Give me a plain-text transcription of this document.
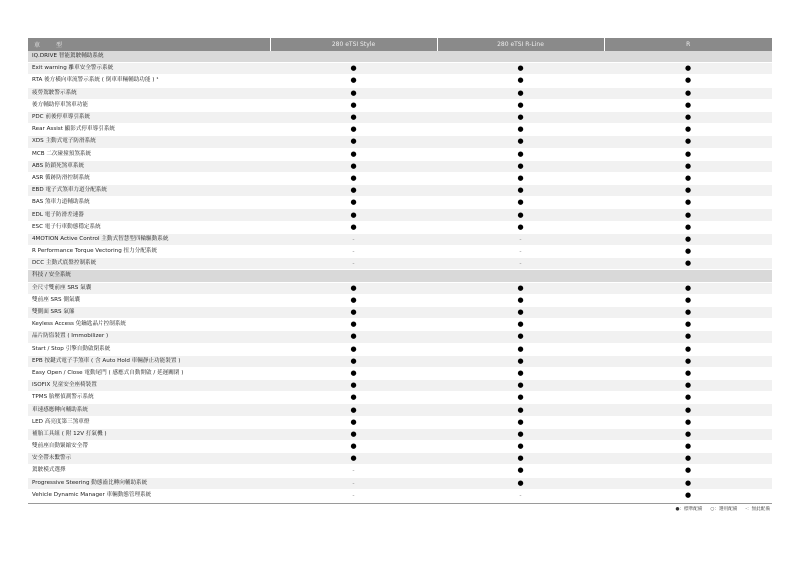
車　型	280 eTSI Style	280 eTSI R-Line	R
IQ.DRIVE 智能駕駛輔助系統			
Exit warning 離車安全警示系統	●	●	●
RTA 後方橫向車流警示系統 ( 倒車車輛輔助功能 ) ¹	●	●	●
疲勞駕駛警示系統	●	●	●
後方輔助停車煞車功能	●	●	●
PDC 前後停車導引系統	●	●	●
Rear Assist 顯影式停車導引系統	●	●	●
XDS 主動式電子防滑系統	●	●	●
MCB 二次碰撞預煞系統	●	●	●
ABS 防鎖死煞車系統	●	●	●
ASR 循跡防滑控制系統	●	●	●
EBD 電子式煞車力道分配系統	●	●	●
BAS 煞車力道輔助系統	●	●	●
EDL 電子防滑差速器	●	●	●
ESC 電子行車動態穩定系統	●	●	●
4MOTION Active Control 主動式智慧型四輪驅動系統	-	-	●
R Performance Torque Vectoring 扭力分配系統	-	-	●
DCC 主動式底盤控制系統	-	-	●
科技 / 安全系統			
全尺寸雙前座 SRS 氣囊	●	●	●
雙前座 SRS 側氣囊	●	●	●
雙側面 SRS 氣簾	●	●	●
Keyless Access 免鑰匙晶片控制系統	●	●	●
晶片防盜裝置 ( Immobilizer )	●	●	●
Start / Stop 引擎自動啟閉系統	●	●	●
EPB 按鍵式電子手煞車 ( 含 Auto Hold 車輛靜止功能裝置 )	●	●	●
Easy Open / Close 電動尾門 ( 感應式自動開啟 / 延遲關閉 )	●	●	●
ISOFIX 兒童安全座椅裝置	●	●	●
TPMS 胎壓偵測警示系統	●	●	●
車速感應轉向輔助系統	●	●	●
LED 高亮度第三煞車燈	●	●	●
補胎工具組 ( 附 12V 打氣機 )	●	●	●
雙前座自動緊縮安全帶	●	●	●
安全帶未繫警示	●	●	●
駕駛模式選擇	-	●	●
Progressive Steering 動態齒比轉向輔助系統	-	●	●
Vehicle Dynamic Manager 車輛動態管理系統	-	-	●
●：標準配備 ○：選用配備 -：無此配備
